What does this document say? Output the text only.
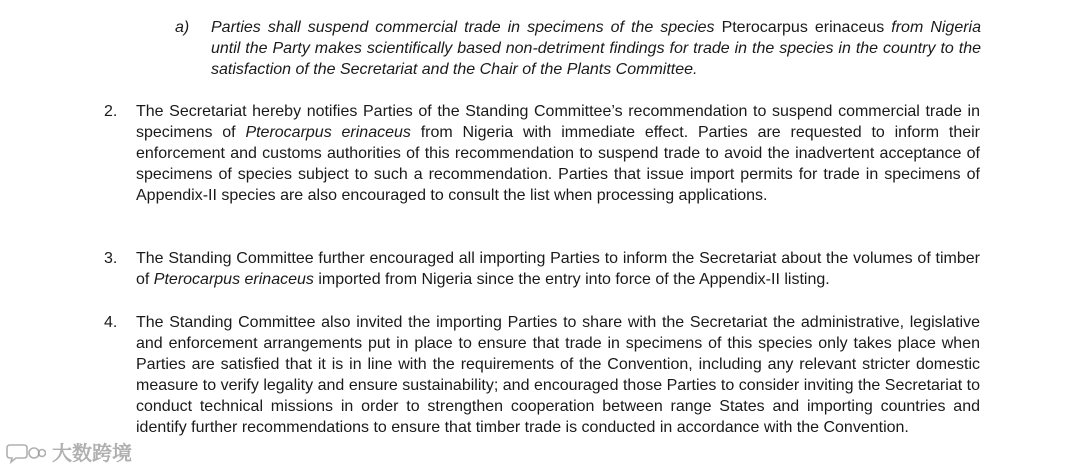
a) Parties shall suspend commercial trade in specimens of the species Pterocarpus erinaceus from Nigeria until the Party makes scientifically based non-detriment findings for trade in the species in the country to the satisfaction of the Secretariat and the Chair of the Plants Committee.
2. The Secretariat hereby notifies Parties of the Standing Committee’s recommendation to suspend commercial trade in specimens of Pterocarpus erinaceus from Nigeria with immediate effect. Parties are requested to inform their enforcement and customs authorities of this recommendation to suspend trade to avoid the inadvertent acceptance of specimens of species subject to such a recommendation. Parties that issue import permits for trade in specimens of Appendix-II species are also encouraged to consult the list when processing applications.
3. The Standing Committee further encouraged all importing Parties to inform the Secretariat about the volumes of timber of Pterocarpus erinaceus imported from Nigeria since the entry into force of the Appendix-II listing.
4. The Standing Committee also invited the importing Parties to share with the Secretariat the administrative, legislative and enforcement arrangements put in place to ensure that trade in specimens of this species only takes place when Parties are satisfied that it is in line with the requirements of the Convention, including any relevant stricter domestic measure to verify legality and ensure sustainability; and encouraged those Parties to consider inviting the Secretariat to conduct technical missions in order to strengthen cooperation between range States and importing countries and identify further recommendations to ensure that timber trade is conducted in accordance with the Convention.
大数跨境
